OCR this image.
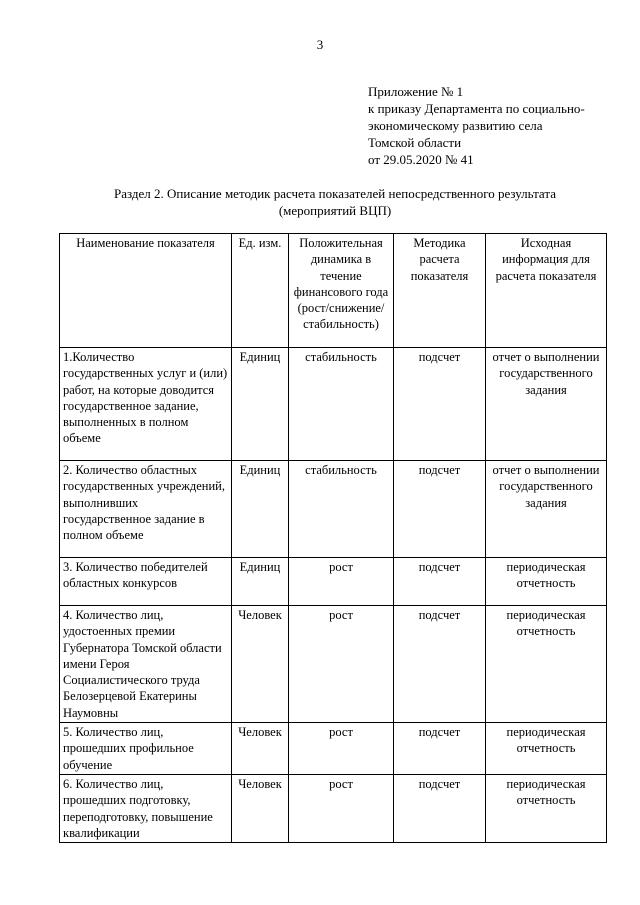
3
Приложение № 1
к приказу Департамента по социально-
экономическому развитию села
Томской области
от 29.05.2020 № 41
Раздел 2. Описание методик расчета показателей непосредственного результата
(мероприятий ВЦП)
Наименование показателя	Ед. изм.	Положительная динамика в течение финансового года (рост/снижение/ стабильность)	Методика расчета показателя	Исходная информация для расчета показателя
1.Количество государственных услуг и (или) работ, на которые доводится государственное задание, выполненных в полном объеме	Единиц	стабильность	подсчет	отчет о выполнении государственного задания
2. Количество областных государственных учреждений, выполнивших государственное задание в полном объеме	Единиц	стабильность	подсчет	отчет о выполнении государственного задания
3. Количество победителей областных конкурсов	Единиц	рост	подсчет	периодическая отчетность
4. Количество лиц, удостоенных премии Губернатора Томской области имени Героя Социалистического труда Белозерцевой Екатерины Наумовны	Человек	рост	подсчет	периодическая отчетность
5. Количество лиц, прошедших профильное обучение	Человек	рост	подсчет	периодическая отчетность
6. Количество лиц, прошедших подготовку, переподготовку, повышение квалификации	Человек	рост	подсчет	периодическая отчетность
